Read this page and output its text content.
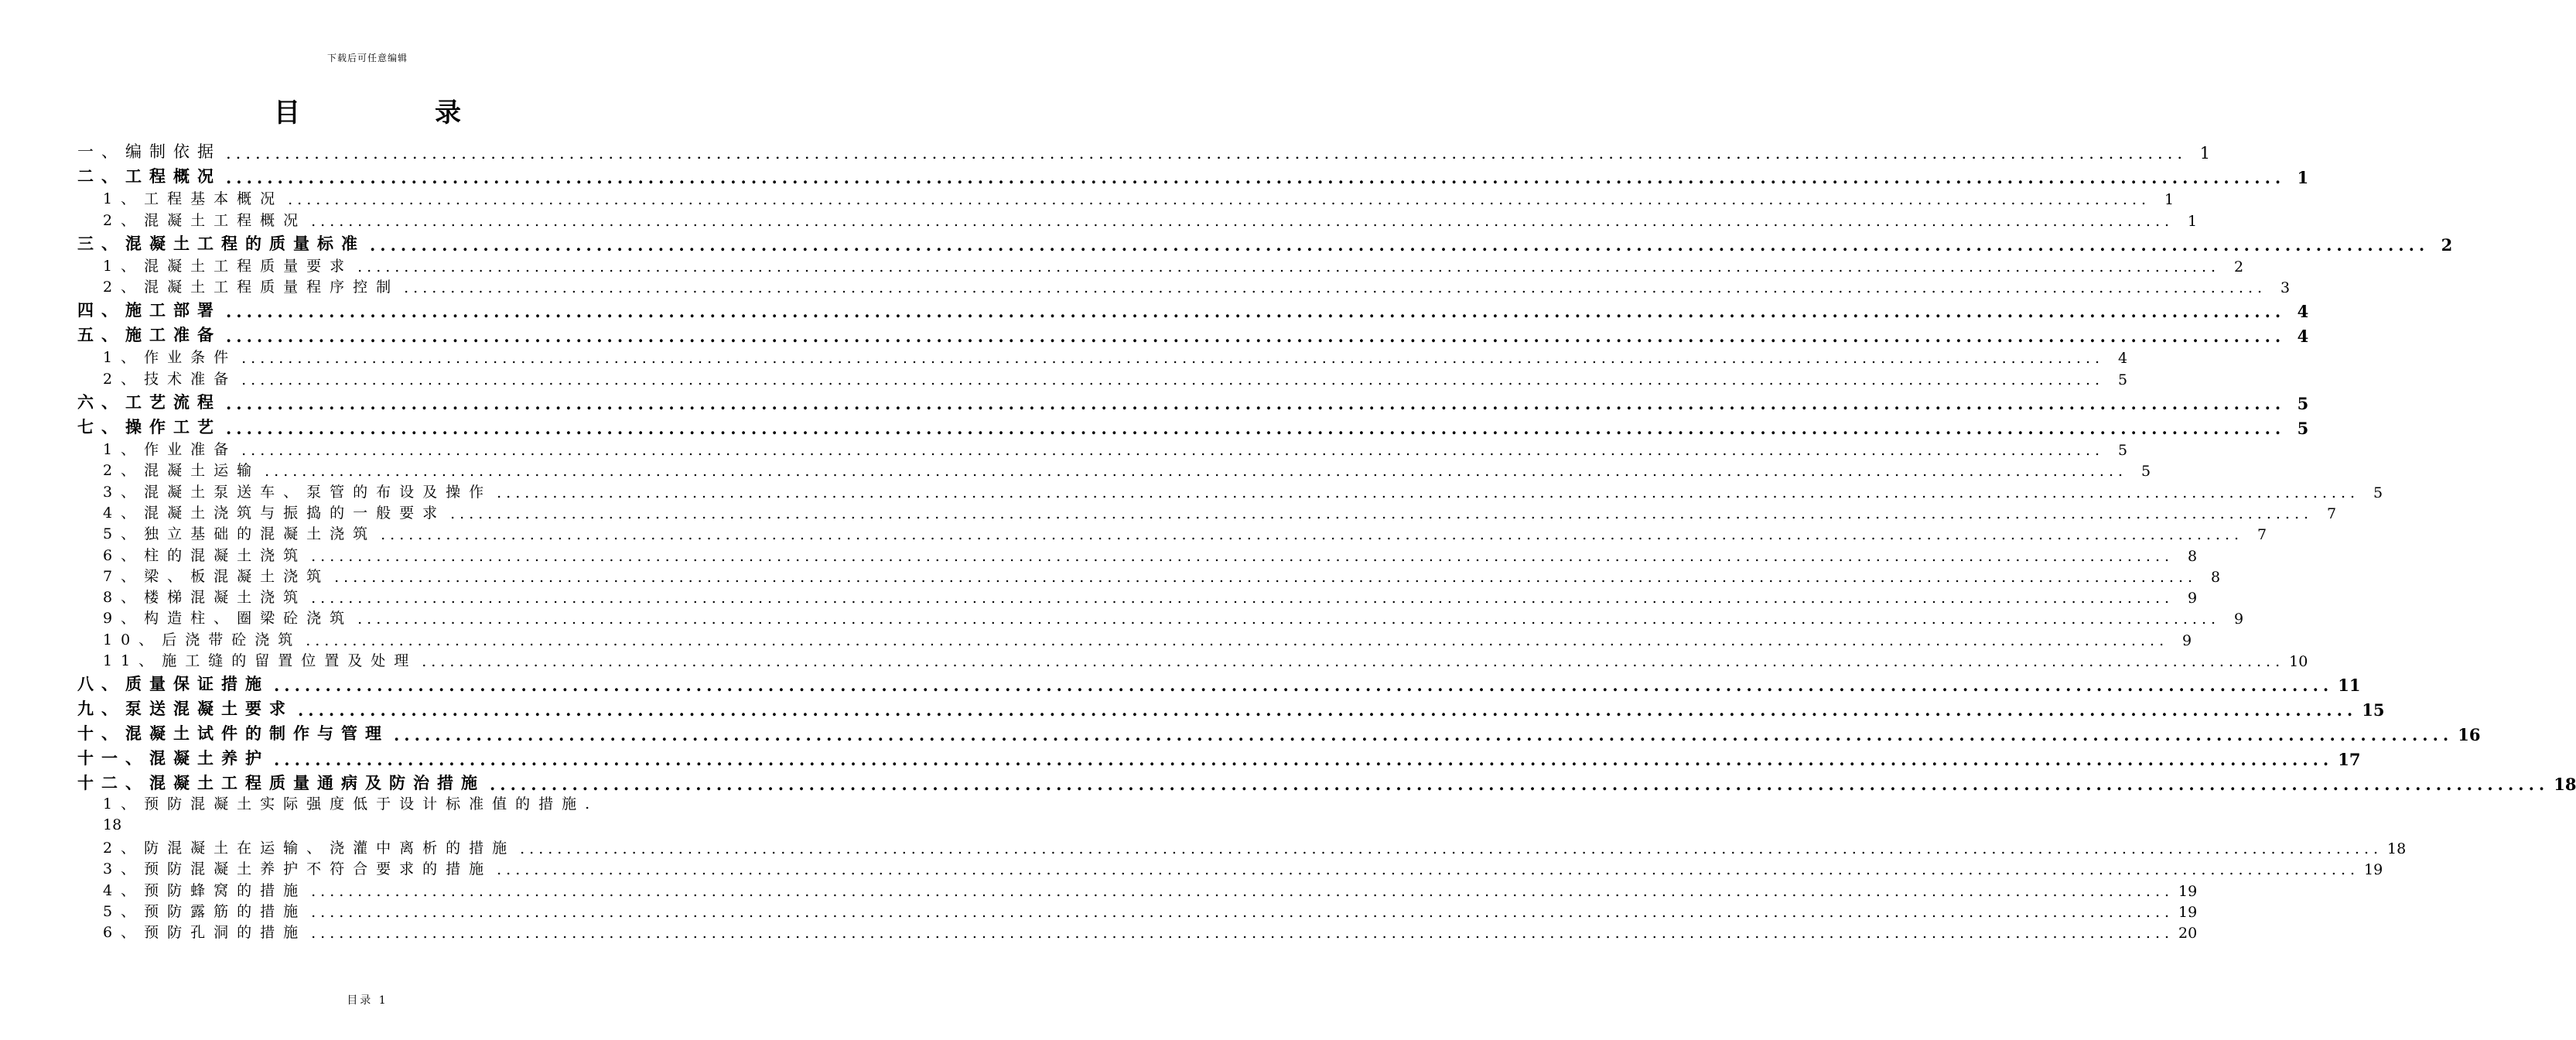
下载后可任意编辑
目　录
一、 编制依据 ........................................................................................................................................................................................................ 1
二、 工程概况 ........................................................................................................................................................................................................ 1
1、 工程基本概况 ........................................................................................................................................................................................................ 1
2、 混凝土工程概况 ........................................................................................................................................................................................................ 1
三、 混凝土工程的质量标准 ........................................................................................................................................................................................................ 2
1、 混凝土工程质量要求 ........................................................................................................................................................................................................ 2
2、 混凝土工程质量程序控制 ........................................................................................................................................................................................................ 3
四、 施工部署 ........................................................................................................................................................................................................ 4
五、 施工准备 ........................................................................................................................................................................................................ 4
1、 作业条件 ........................................................................................................................................................................................................ 4
2、 技术准备 ........................................................................................................................................................................................................ 5
六、 工艺流程 ........................................................................................................................................................................................................ 5
七、 操作工艺 ........................................................................................................................................................................................................ 5
1、 作业准备 ........................................................................................................................................................................................................ 5
2、 混凝土运输 ........................................................................................................................................................................................................ 5
3、 混凝土泵送车、泵管的布设及操作 ........................................................................................................................................................................................................ 5
4、 混凝土浇筑与振捣的一般要求 ........................................................................................................................................................................................................ 7
5、 独立基础的混凝土浇筑 ........................................................................................................................................................................................................ 7
6、 柱的混凝土浇筑 ........................................................................................................................................................................................................ 8
7、 梁、板混凝土浇筑 ........................................................................................................................................................................................................ 8
8、 楼梯混凝土浇筑 ........................................................................................................................................................................................................ 9
9、 构造柱、圈梁砼浇筑 ........................................................................................................................................................................................................ 9
10、 后浇带砼浇筑 ........................................................................................................................................................................................................ 9
11、 施工缝的留置位置及处理 ........................................................................................................................................................................................................ 10
八、 质量保证措施 ........................................................................................................................................................................................................ 11
九、 泵送混凝土要求 ........................................................................................................................................................................................................ 15
十、 混凝土试件的制作与管理 ........................................................................................................................................................................................................ 16
十一、 混凝土养护 ........................................................................................................................................................................................................ 17
十二、 混凝土工程质量通病及防治措施 ........................................................................................................................................................................................................ 18
1、预防混凝土实际强度低于设计标准值的措施.
18
2、 防混凝土在运输、浇灌中离析的措施 ........................................................................................................................................................................................................ 18
3、 预防混凝土养护不符合要求的措施 ........................................................................................................................................................................................................ 19
4、 预防蜂窝的措施 ........................................................................................................................................................................................................ 19
5、 预防露筋的措施 ........................................................................................................................................................................................................ 19
6、 预防孔洞的措施 ........................................................................................................................................................................................................ 20
目录 1
